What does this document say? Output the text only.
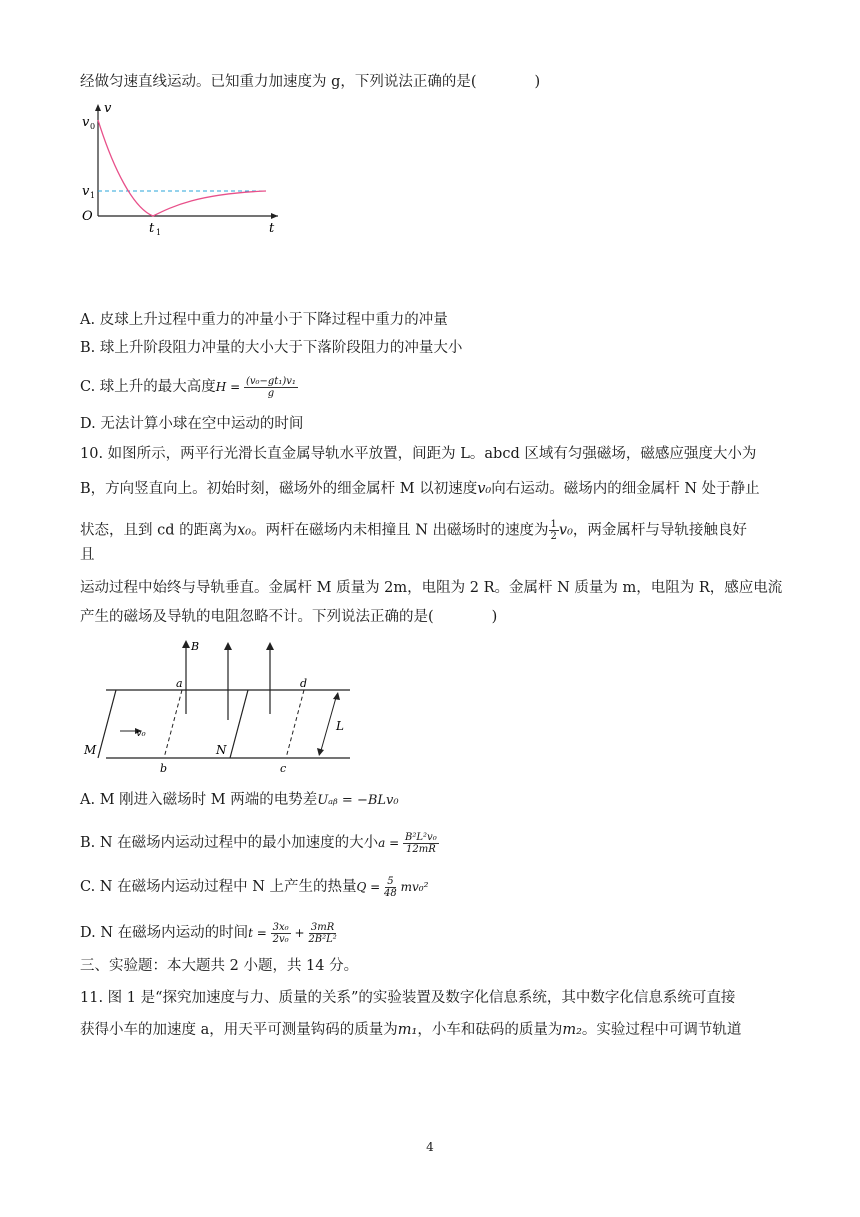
经做匀速直线运动。已知重力加速度为 g，下列说法正确的是(　　　　)
v
v 0
v 1
O
t 1	t
A. 皮球上升过程中重力的冲量小于下降过程中重力的冲量
B. 球上升阶段阻力冲量的大小大于下落阶段阻力的冲量大小
C. 球上升的最大高度$H = \frac{\text{(v₀−gt₁)v₁}}{g}$
D. 无法计算小球在空中运动的时间
10. 如图所示，两平行光滑长直金属导轨水平放置，间距为 L。abcd 区域有匀强磁场，磁感应强度大小为
B，方向竖直向上。初始时刻，磁场外的细金属杆 M 以初速度v₀向右运动。磁场内的细金属杆 N 处于静止
状态，且到 cd 的距离为x₀。两杆在磁场内未相撞且 N 出磁场时的速度为 $\frac{1}{2} v_0$，两金属杆与导轨接触良好
且
运动过程中始终与导轨垂直。金属杆 M 质量为 2m，电阻为 2 R。金属杆 N 质量为 m，电阻为 R，感应电流
产生的磁场及导轨的电阻忽略不计。下列说法正确的是(　　　　)
B
a	d
L
M
v₀
N
b	c
A. M 刚进入磁场时 M 两端的电势差Uₐᵦ = −BLv₀
B. N 在磁场内运动过程中的最小加速度的大小$a = \frac{\text{B²L²v₀}}{12mR}$
C. N 在磁场内运动过程中 N 上产生的热量$Q = \frac{5}{48} mv_0^2$
D. N 在磁场内运动的时间$t = \frac{\text{3x₀}}{\text{2v₀}} + \frac{3mR}{\text{2B²L²}}$
三、实验题：本大题共 2 小题，共 14 分。
11. 图 1 是“探究加速度与力、质量的关系”的实验装置及数字化信息系统，其中数字化信息系统可直接
获得小车的加速度 a，用天平可测量钩码的质量为m₁，小车和砝码的质量为m₂。实验过程中可调节轨道
4
